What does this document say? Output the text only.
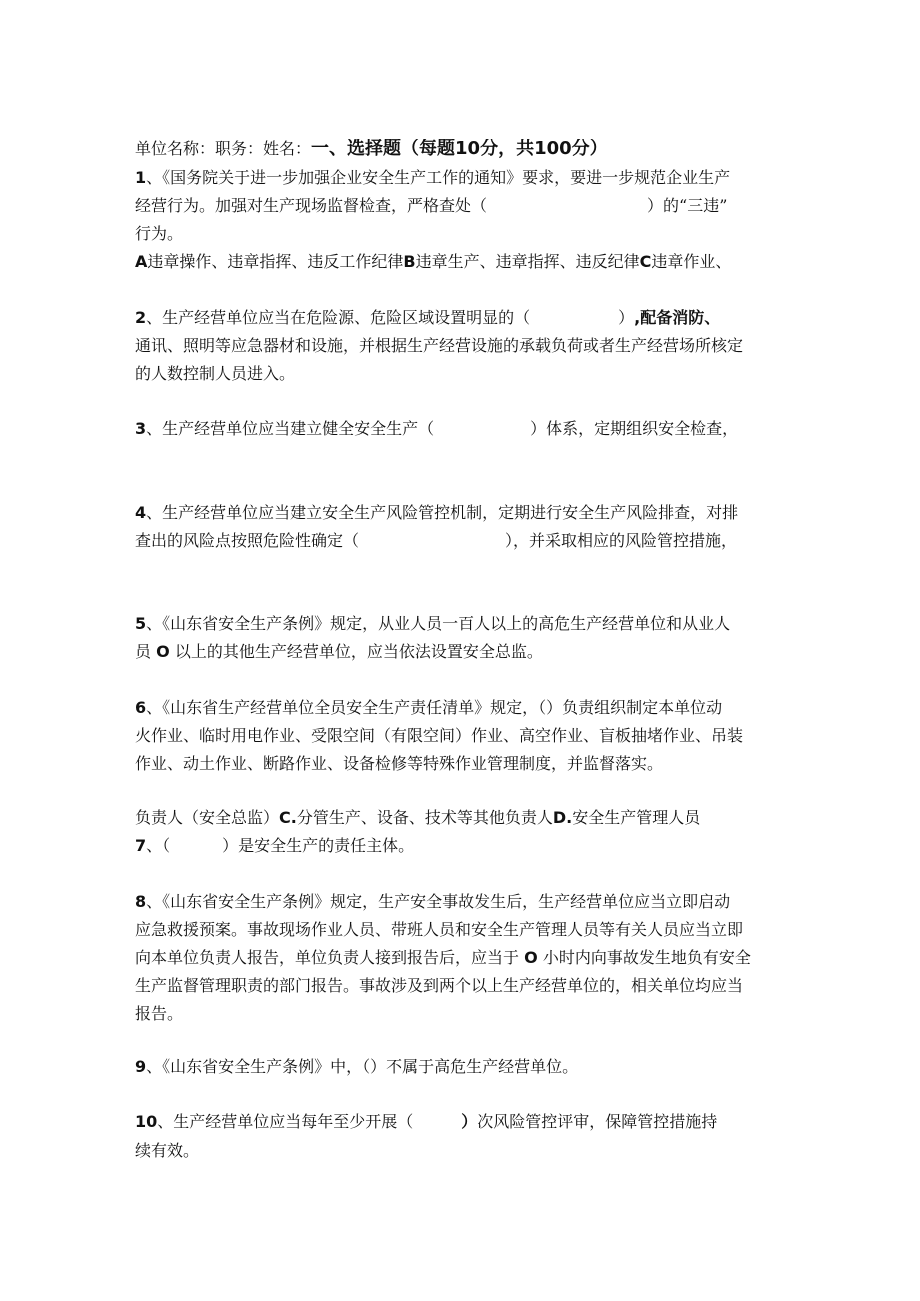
单位名称：职务：姓名：一、选择题（每题10分，共100分）
1、《国务院关于进一步加强企业安全生产工作的通知》要求，要进一步规范企业生产
经营行为。加强对生产现场监督检查，严格查处（	）的“三违”
行为。
A违章操作、违章指挥、违反工作纪律B违章生产、违章指挥、违反纪律C违章作业、
2、生产经营单位应当在危险源、危险区域设置明显的（	）,配备消防、
通讯、照明等应急器材和设施，并根据生产经营设施的承载负荷或者生产经营场所核定
的人数控制人员进入。
3、生产经营单位应当建立健全安全生产（	）体系，定期组织安全检查，
4、生产经营单位应当建立安全生产风险管控机制，定期进行安全生产风险排查，对排
查出的风险点按照危险性确定（	），并采取相应的风险管控措施，
5、《山东省安全生产条例》规定，从业人员一百人以上的高危生产经营单位和从业人
员 O 以上的其他生产经营单位，应当依法设置安全总监。
6、《山东省生产经营单位全员安全生产责任清单》规定，（）负责组织制定本单位动
火作业、临时用电作业、受限空间（有限空间）作业、高空作业、盲板抽堵作业、吊装
作业、动土作业、断路作业、设备检修等特殊作业管理制度，并监督落实。
负责人（安全总监）C.分管生产、设备、技术等其他负责人D.安全生产管理人员
7、（	）是安全生产的责任主体。
8、《山东省安全生产条例》规定，生产安全事故发生后，生产经营单位应当立即启动
应急救援预案。事故现场作业人员、带班人员和安全生产管理人员等有关人员应当立即
向本单位负责人报告，单位负责人接到报告后，应当于 O 小时内向事故发生地负有安全
生产监督管理职责的部门报告。事故涉及到两个以上生产经营单位的，相关单位均应当
报告。
9、《山东省安全生产条例》中，（）不属于高危生产经营单位。
10、生产经营单位应当每年至少开展（	）次风险管控评审，保障管控措施持
续有效。
